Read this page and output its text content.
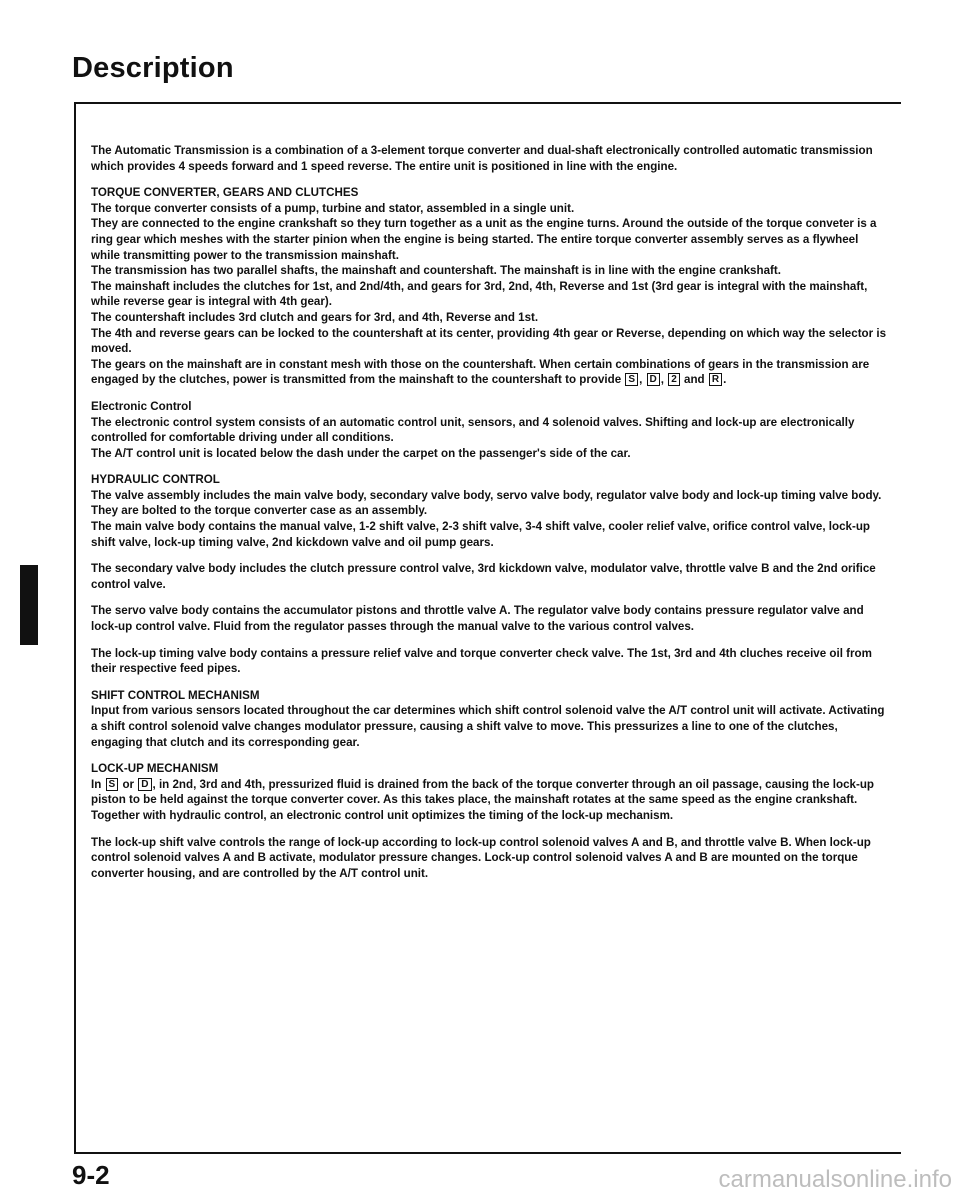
Description

The Automatic Transmission is a combination of a 3-element torque converter and dual-shaft electronically controlled automatic transmission which provides 4 speeds forward and 1 speed reverse. The entire unit is positioned in line with the engine.

TORQUE CONVERTER, GEARS AND CLUTCHES
The torque converter consists of a pump, turbine and stator, assembled in a single unit.
They are connected to the engine crankshaft so they turn together as a unit as the engine turns. Around the outside of the torque conveter is a ring gear which meshes with the starter pinion when the engine is being started. The entire torque converter assembly serves as a flywheel while transmitting power to the transmission mainshaft.
The transmission has two parallel shafts, the mainshaft and countershaft. The mainshaft is in line with the engine crankshaft.
The mainshaft includes the clutches for 1st, and 2nd/4th, and gears for 3rd, 2nd, 4th, Reverse and 1st (3rd gear is integral with the mainshaft, while reverse gear is integral with 4th gear).
The countershaft includes 3rd clutch and gears for 3rd, and 4th, Reverse and 1st.
The 4th and reverse gears can be locked to the countershaft at its center, providing 4th gear or Reverse, depending on which way the selector is moved.
The gears on the mainshaft are in constant mesh with those on the countershaft. When certain combinations of gears in the transmission are engaged by the clutches, power is transmitted from the mainshaft to the countershaft to provide S , D , 2 and R .
Electronic Control
The electronic control system consists of an automatic control unit, sensors, and 4 solenoid valves. Shifting and lock-up are electronically controlled for comfortable driving under all conditions.
The A/T control unit is located below the dash under the carpet on the passenger's side of the car.
HYDRAULIC CONTROL
The valve assembly includes the main valve body, secondary valve body, servo valve body, regulator valve body and lock-up timing valve body.
They are bolted to the torque converter case as an assembly.

The main valve body contains the manual valve, 1-2 shift valve, 2-3 shift valve, 3-4 shift valve, cooler relief valve, orifice control valve, lock-up shift valve, lock-up timing valve, 2nd kickdown valve and oil pump gears.

The secondary valve body includes the clutch pressure control valve, 3rd kickdown valve, modulator valve, throttle valve B and the 2nd orifice control valve.

The servo valve body contains the accumulator pistons and throttle valve A. The regulator valve body contains pressure regulator valve and lock-up control valve. Fluid from the regulator passes through the manual valve to the various control valves.

The lock-up timing valve body contains a pressure relief valve and torque converter check valve. The 1st, 3rd and 4th cluches receive oil from their respective feed pipes.

SHIFT CONTROL MECHANISM
Input from various sensors located throughout the car determines which shift control solenoid valve the A/T control unit will activate. Activating a shift control solenoid valve changes modulator pressure, causing a shift valve to move. This pressurizes a line to one of the clutches, engaging that clutch and its corresponding gear.
LOCK-UP MECHANISM

In S or D , in 2nd, 3rd and 4th, pressurized fluid is drained from the back of the torque converter through an oil passage, causing the lock-up piston to be held against the torque converter cover. As this takes place, the mainshaft rotates at the same speed as the engine crankshaft. Together with hydraulic control, an electronic control unit optimizes the timing of the lock-up mechanism.

The lock-up shift valve controls the range of lock-up according to lock-up control solenoid valves A and B, and throttle valve B. When lock-up control solenoid valves A and B activate, modulator pressure changes. Lock-up control solenoid valves A and B are mounted on the torque converter housing, and are controlled by the A/T control unit.

9-2	carmanualsonline.info
